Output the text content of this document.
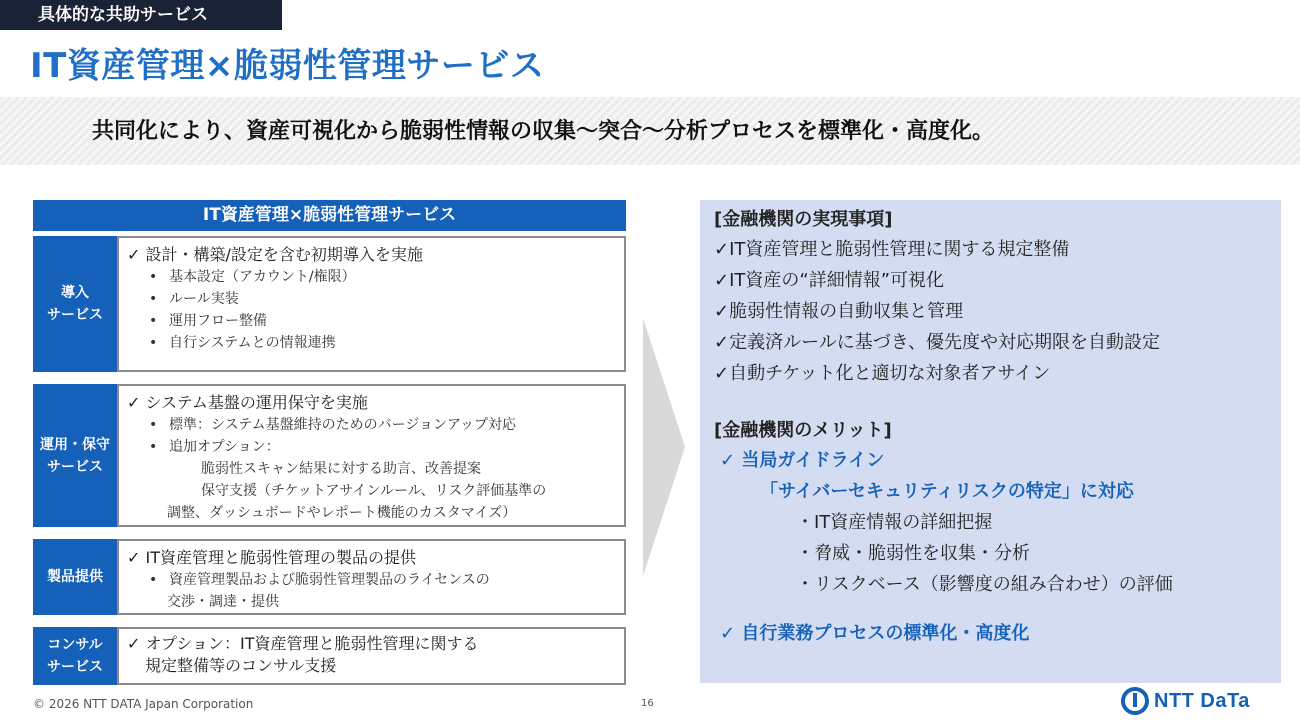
具体的な共助サービス
IT資産管理×脆弱性管理サービス
共同化により、資産可視化から脆弱性情報の収集～突合～分析プロセスを標準化・高度化。
IT資産管理×脆弱性管理サービス
導入
サービス
✓ 設計・構築/設定を含む初期導入を実施
• 基本設定（アカウント/権限）
• ルール実装
• 運用フロー整備
• 自行システムとの情報連携
運用・保守
サービス
✓ システム基盤の運用保守を実施
• 標準：システム基盤維持のためのバージョンアップ対応
• 追加オプション：
脆弱性スキャン結果に対する助言、改善提案
保守支援（チケットアサインルール、リスク評価基準の
調整、ダッシュボードやレポート機能のカスタマイズ）
製品提供
✓ IT資産管理と脆弱性管理の製品の提供
• 資産管理製品および脆弱性管理製品のライセンスの
交渉・調達・提供
コンサル
サービス
✓ オプション：IT資産管理と脆弱性管理に関する
規定整備等のコンサル支援
[金融機関の実現事項]
✓IT資産管理と脆弱性管理に関する規定整備
✓IT資産の“詳細情報”可視化
✓脆弱性情報の自動収集と管理
✓定義済ルールに基づき、優先度や対応期限を自動設定
✓自動チケット化と適切な対象者アサイン
[金融機関のメリット]
✓ 当局ガイドライン
「サイバーセキュリティリスクの特定」に対応
・IT資産情報の詳細把握
・脅威・脆弱性を収集・分析
・リスクベース（影響度の組み合わせ）の評価
✓ 自行業務プロセスの標準化・高度化
© 2026 NTT DATA Japan Corporation	16	NTT DaTa
